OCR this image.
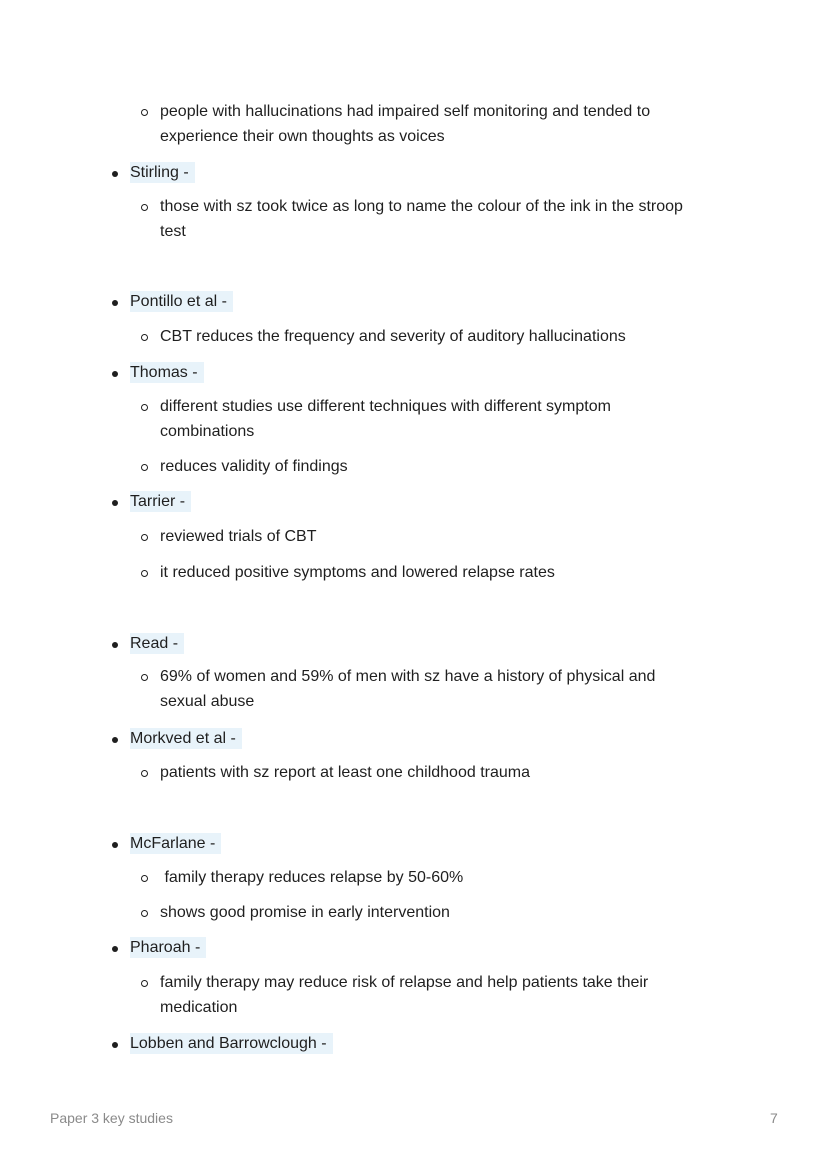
people with hallucinations had impaired self monitoring and tended to
experience their own thoughts as voices
Stirling -
those with sz took twice as long to name the colour of the ink in the stroop
test
Pontillo et al -
CBT reduces the frequency and severity of auditory hallucinations
Thomas -
different studies use different techniques with different symptom
combinations
reduces validity of findings
Tarrier -
reviewed trials of CBT
it reduced positive symptoms and lowered relapse rates
Read -
69% of women and 59% of men with sz have a history of physical and
sexual abuse
Morkved et al -
patients with sz report at least one childhood trauma
McFarlane -
family therapy reduces relapse by 50-60%
shows good promise in early intervention
Pharoah -
family therapy may reduce risk of relapse and help patients take their
medication
Lobben and Barrowclough -
Paper 3 key studies	7
